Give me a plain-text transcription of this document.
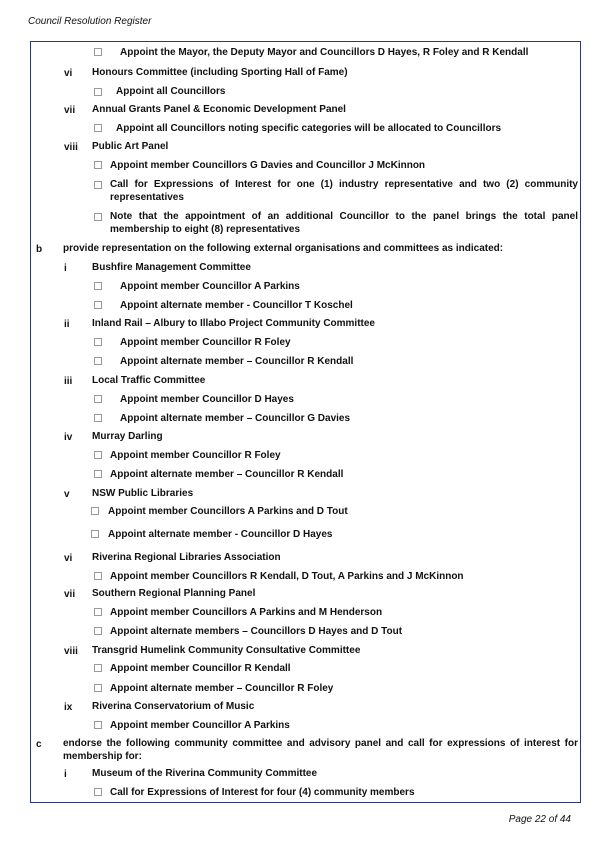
Council Resolution Register
Appoint the Mayor, the Deputy Mayor and Councillors D Hayes, R Foley and R Kendall
vi Honours Committee (including Sporting Hall of Fame)
Appoint all Councillors
vii Annual Grants Panel & Economic Development Panel
Appoint all Councillors noting specific categories will be allocated to Councillors
viii Public Art Panel
Appoint member Councillors G Davies and Councillor J McKinnon
Call for Expressions of Interest for one (1) industry representative and two (2) community representatives
Note that the appointment of an additional Councillor to the panel brings the total panel membership to eight (8) representatives
b provide representation on the following external organisations and committees as indicated:
i	Bushfire Management Committee
Appoint member Councillor A Parkins
Appoint alternate member - Councillor T Koschel
ii Inland Rail – Albury to Illabo Project Community Committee
Appoint member Councillor R Foley
Appoint alternate member – Councillor R Kendall
iii Local Traffic Committee
Appoint member Councillor D Hayes
Appoint alternate member – Councillor G Davies
iv Murray Darling
Appoint member Councillor R Foley
Appoint alternate member – Councillor R Kendall
v NSW Public Libraries
Appoint member Councillors A Parkins and D Tout
Appoint alternate member - Councillor D Hayes
vi Riverina Regional Libraries Association
Appoint member Councillors R Kendall, D Tout, A Parkins and J McKinnon
vii Southern Regional Planning Panel
Appoint member Councillors A Parkins and M Henderson
Appoint alternate members – Councillors D Hayes and D Tout
viii Transgrid Humelink Community Consultative Committee
Appoint member Councillor R Kendall
Appoint alternate member – Councillor R Foley
ix Riverina Conservatorium of Music
Appoint member Councillor A Parkins
c endorse the following community committee and advisory panel and call for expressions of interest for membership for:
i	Museum of the Riverina Community Committee
Call for Expressions of Interest for four (4) community members
Page 22 of 44
